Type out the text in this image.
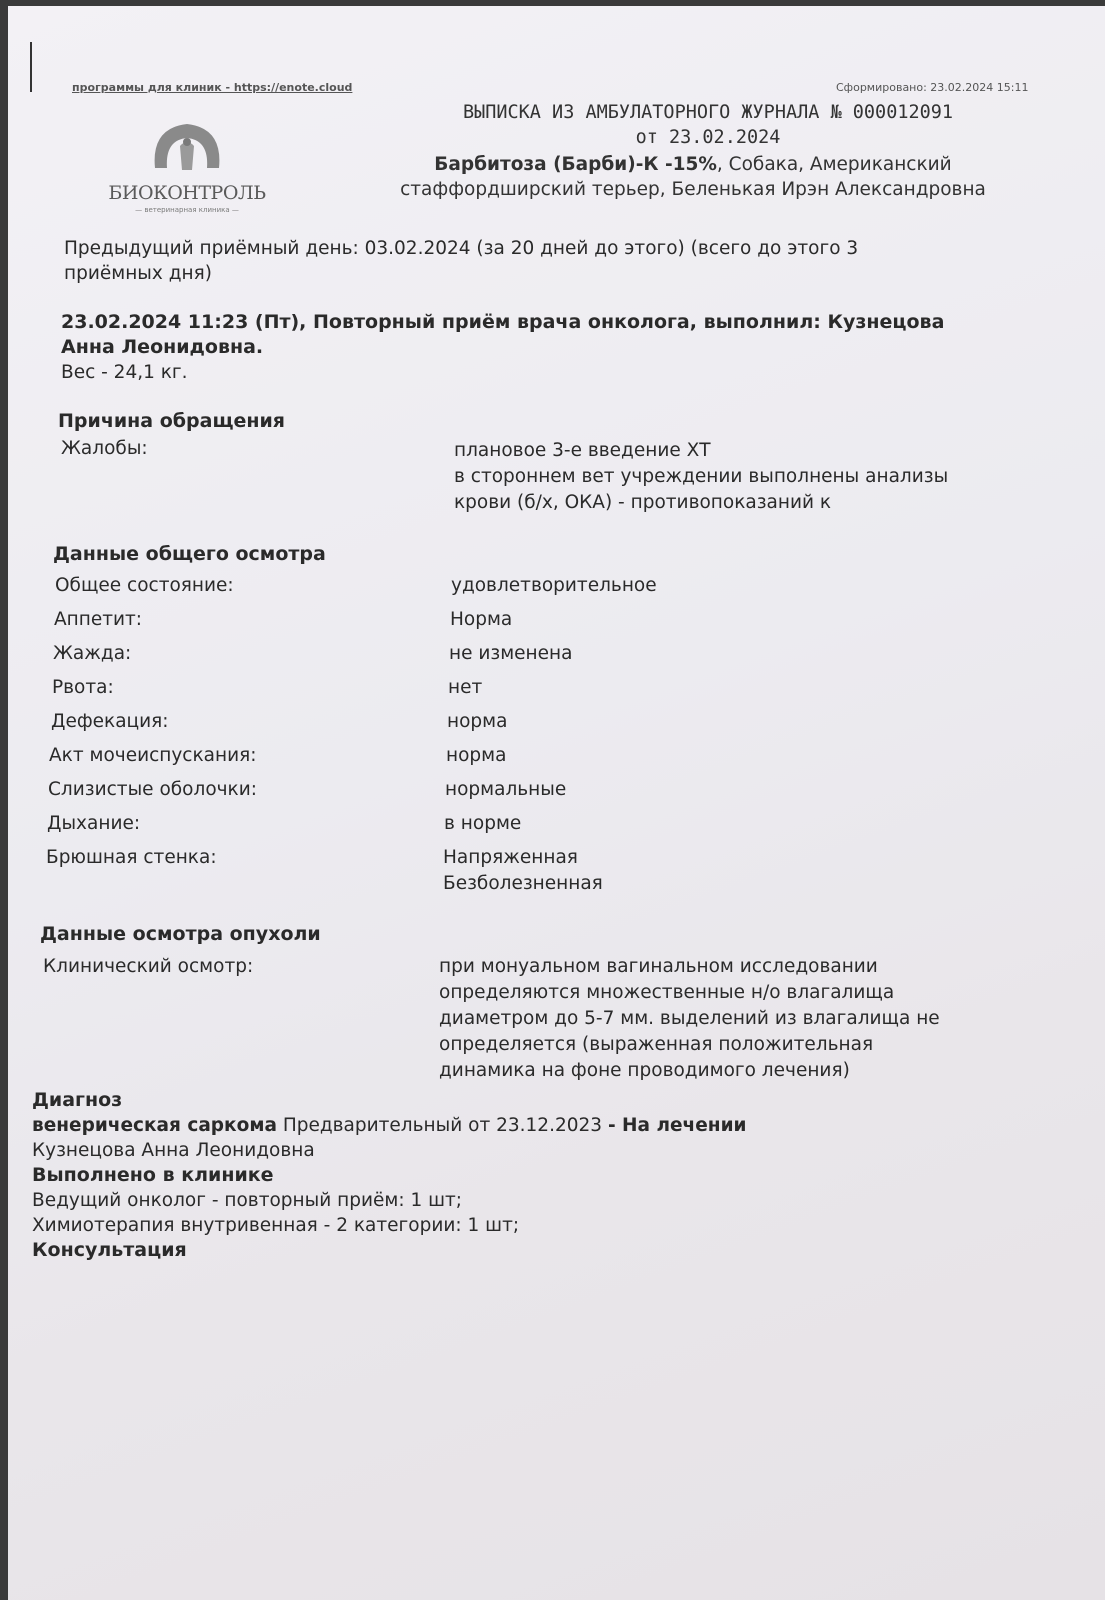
программы для клиник - https://enote.cloud	Сформировано: 23.02.2024 15:11
БИОКОНТРОЛЬ
— ветеринарная клиника —
ВЫПИСКА ИЗ АМБУЛАТОРНОГО ЖУРНАЛА № 000012091
от 23.02.2024
Барбитоза (Барби)-К -15%, Собака, Американский
стаффордширский терьер, Беленькая Ирэн Александровна
Предыдущий приёмный день: 03.02.2024 (за 20 дней до этого) (всего до этого 3
приёмных дня)
23.02.2024 11:23 (Пт), Повторный приём врача онколога, выполнил: Кузнецова
Анна Леонидовна.
Вес - 24,1 кг.
Причина обращения
Жалобы:	плановое 3-е введение ХТ
в стороннем вет учреждении выполнены анализы
крови (б/х, ОКА) - противопоказаний к
Данные общего осмотра
Общее состояние:	удовлетворительное
Аппетит:	Норма
Жажда:	не изменена
Рвота:	нет
Дефекация:	норма
Акт мочеиспускания:	норма
Слизистые оболочки:	нормальные
Дыхание:	в норме
Брюшная стенка:	Напряженная
Безболезненная
Данные осмотра опухоли
Клинический осмотр:	при монуальном вагинальном исследовании
определяются множественные н/о влагалища
диаметром до 5-7 мм. выделений из влагалища не
определяется (выраженная положительная
динамика на фоне проводимого лечения)
Диагноз
венерическая саркома Предварительный от 23.12.2023 - На лечении
Кузнецова Анна Леонидовна
Выполнено в клинике
Ведущий онколог - повторный приём: 1 шт;
Химиотерапия внутривенная - 2 категории: 1 шт;
Консультация
